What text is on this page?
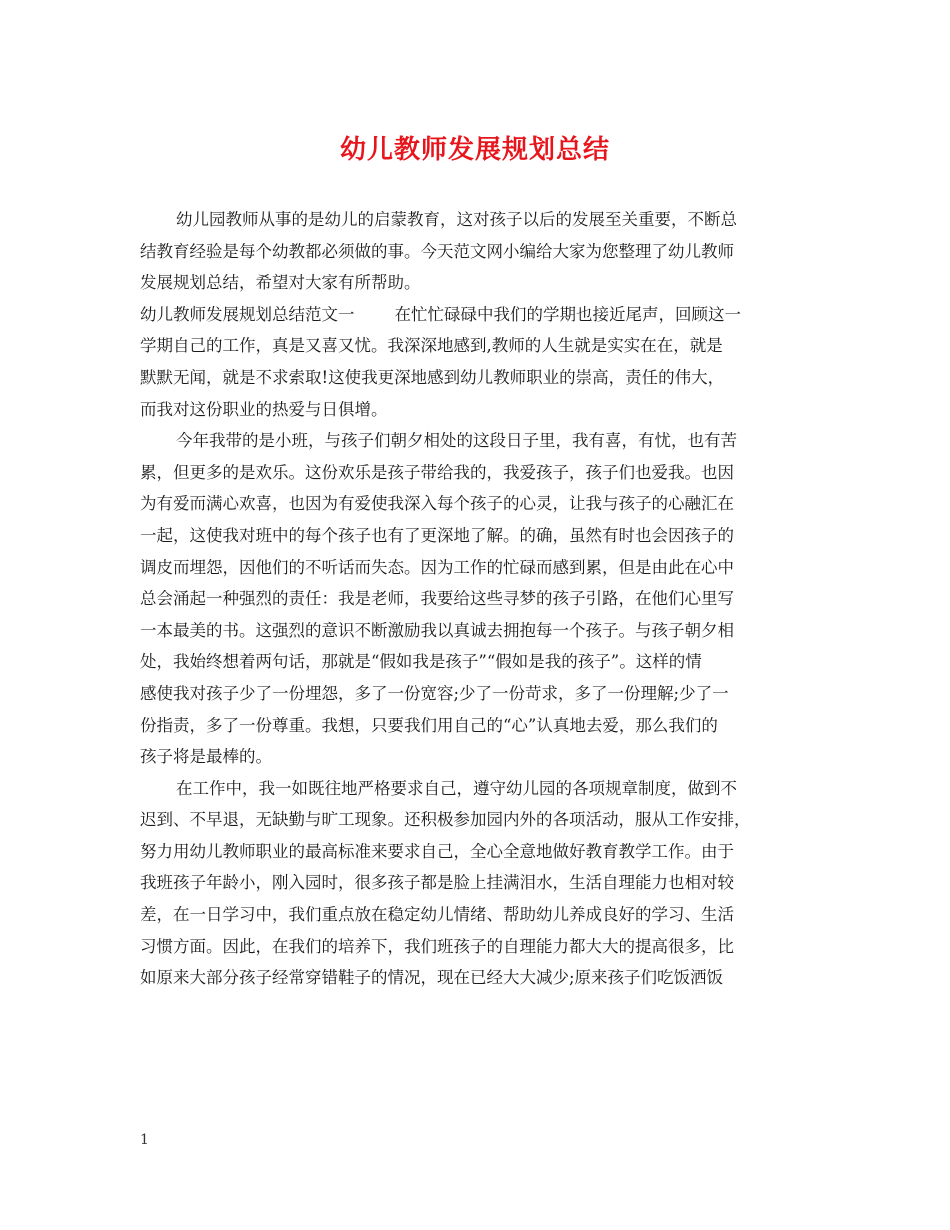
幼儿教师发展规划总结
幼儿园教师从事的是幼儿的启蒙教育，这对孩子以后的发展至关重要，不断总
结教育经验是每个幼教都必须做的事。今天范文网小编给大家为您整理了幼儿教师
发展规划总结，希望对大家有所帮助。
幼儿教师发展规划总结范文一 在忙忙碌碌中我们的学期也接近尾声，回顾这一
学期自己的工作，真是又喜又忧。我深深地感到,教师的人生就是实实在在，就是
默默无闻，就是不求索取!这使我更深地感到幼儿教师职业的崇高，责任的伟大，
而我对这份职业的热爱与日俱增。
今年我带的是小班，与孩子们朝夕相处的这段日子里，我有喜，有忧，也有苦
累，但更多的是欢乐。这份欢乐是孩子带给我的，我爱孩子，孩子们也爱我。也因
为有爱而满心欢喜，也因为有爱使我深入每个孩子的心灵，让我与孩子的心融汇在
一起，这使我对班中的每个孩子也有了更深地了解。的确，虽然有时也会因孩子的
调皮而埋怨，因他们的不听话而失态。因为工作的忙碌而感到累，但是由此在心中
总会涌起一种强烈的责任：我是老师，我要给这些寻梦的孩子引路，在他们心里写
一本最美的书。这强烈的意识不断激励我以真诚去拥抱每一个孩子。与孩子朝夕相
处，我始终想着两句话，那就是“假如我是孩子”“假如是我的孩子”。这样的情
感使我对孩子少了一份埋怨，多了一份宽容;少了一份苛求，多了一份理解;少了一
份指责，多了一份尊重。我想，只要我们用自己的“心”认真地去爱，那么我们的
孩子将是最棒的。
在工作中，我一如既往地严格要求自己，遵守幼儿园的各项规章制度，做到不
迟到、不早退，无缺勤与旷工现象。还积极参加园内外的各项活动，服从工作安排，
努力用幼儿教师职业的最高标准来要求自己，全心全意地做好教育教学工作。由于
我班孩子年龄小，刚入园时，很多孩子都是脸上挂满泪水，生活自理能力也相对较
差，在一日学习中，我们重点放在稳定幼儿情绪、帮助幼儿养成良好的学习、生活
习惯方面。因此，在我们的培养下，我们班孩子的自理能力都大大的提高很多，比
如原来大部分孩子经常穿错鞋子的情况，现在已经大大减少;原来孩子们吃饭洒饭
1
